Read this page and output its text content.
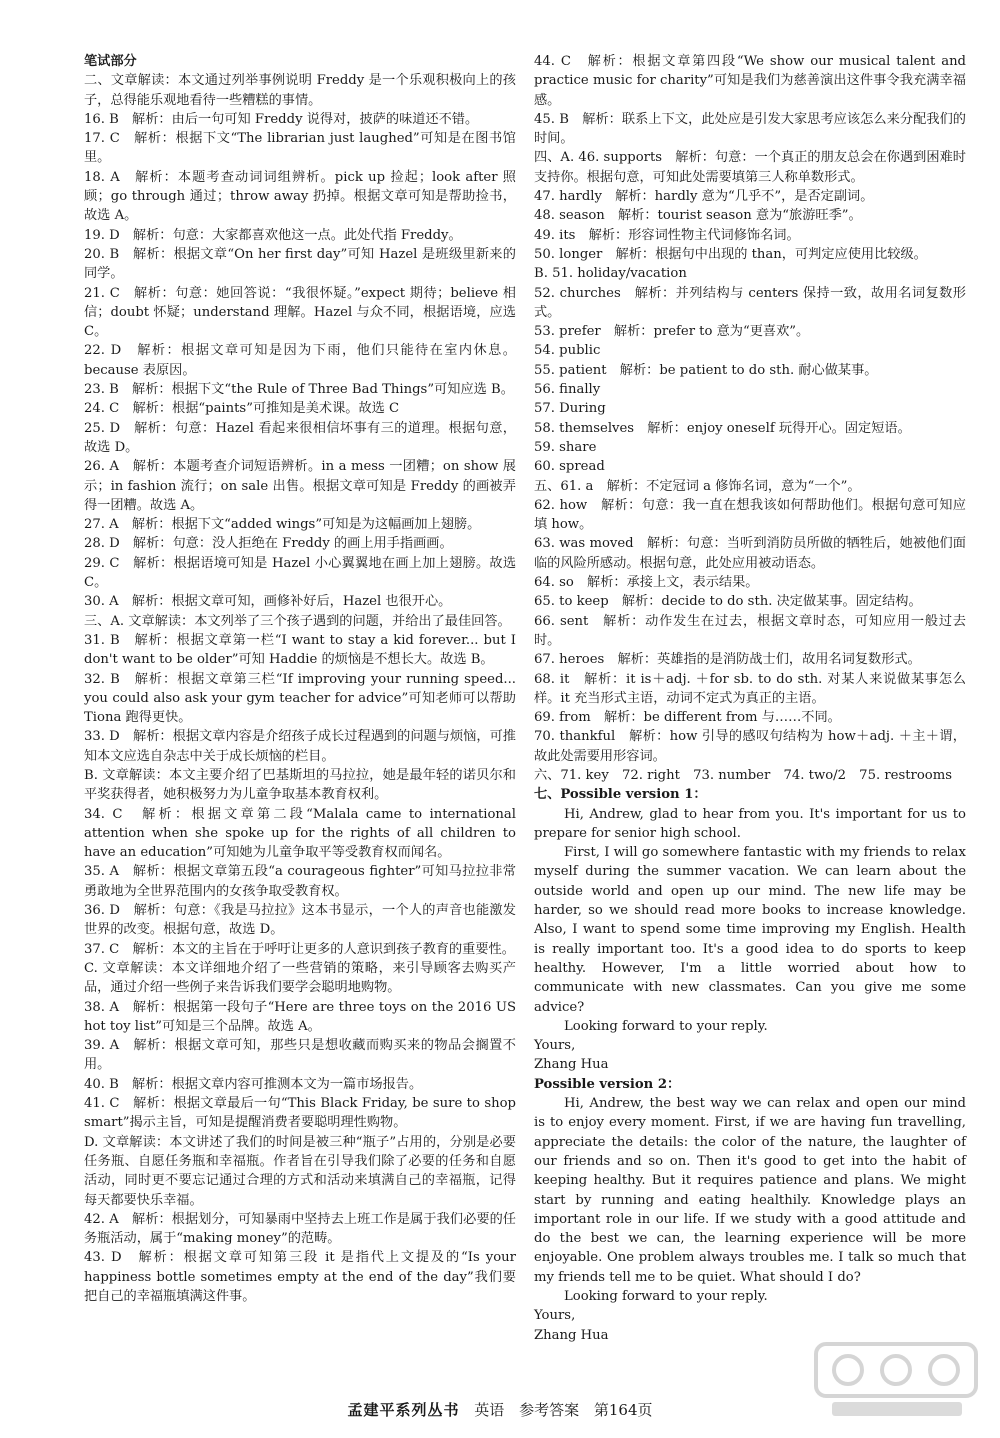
笔试部分

二、文章解读：本文通过列举事例说明 Freddy 是一个乐观积极向上的孩子，总得能乐观地看待一些糟糕的事情。

16. B　解析：由后一句可知 Freddy 说得对，披萨的味道还不错。

17. C　解析：根据下文“The librarian just laughed”可知是在图书馆里。

18. A　解析：本题考查动词词组辨析。pick up 捡起；look after 照顾；go through 通过；throw away 扔掉。根据文章可知是帮助捡书，故选 A。

19. D　解析：句意：大家都喜欢他这一点。此处代指 Freddy。

20. B　解析：根据文章“On her first day”可知 Hazel 是班级里新来的同学。

21. C　解析：句意：她回答说：“我很怀疑。”expect 期待；believe 相信；doubt 怀疑；understand 理解。Hazel 与众不同，根据语境，应选 C。

22. D　解析：根据文章可知是因为下雨，他们只能待在室内休息。because 表原因。

23. B　解析：根据下文“the Rule of Three Bad Things”可知应选 B。

24. C　解析：根据“paints”可推知是美术课。故选 C

25. D　解析：句意：Hazel 看起来很相信坏事有三的道理。根据句意，故选 D。

26. A　解析：本题考查介词短语辨析。in a mess 一团糟；on show 展示；in fashion 流行；on sale 出售。根据文章可知是 Freddy 的画被弄得一团糟。故选 A。

27. A　解析：根据下文“added wings”可知是为这幅画加上翅膀。

28. D　解析：句意：没人拒绝在 Freddy 的画上用手指画画。

29. C　解析：根据语境可知是 Hazel 小心翼翼地在画上加上翅膀。故选 C。

30. A　解析：根据文章可知，画修补好后，Hazel 也很开心。

三、A. 文章解读：本文列举了三个孩子遇到的问题，并给出了最佳回答。

31. B　解析：根据文章第一栏“I want to stay a kid forever... but I don't want to be older”可知 Haddie 的烦恼是不想长大。故选 B。

32. B　解析：根据文章第三栏“If improving your running speed... you could also ask your gym teacher for advice”可知老师可以帮助 Tiona 跑得更快。

33. D　解析：根据文章内容是介绍孩子成长过程遇到的问题与烦恼，可推知本文应选自杂志中关于成长烦恼的栏目。

B. 文章解读：本文主要介绍了巴基斯坦的马拉拉，她是最年轻的诺贝尔和平奖获得者，她积极努力为儿童争取基本教育权利。

34. C　解析：根据文章第二段“Malala came to international attention when she spoke up for the rights of all children to have an education”可知她为儿童争取平等受教育权而闻名。

35. A　解析：根据文章第五段“a courageous fighter”可知马拉拉非常勇敢地为全世界范围内的女孩争取受教育权。

36. D　解析：句意：《我是马拉拉》这本书显示，一个人的声音也能激发世界的改变。根据句意，故选 D。

37. C　解析：本文的主旨在于呼吁让更多的人意识到孩子教育的重要性。

C. 文章解读：本文详细地介绍了一些营销的策略，来引导顾客去购买产品，通过介绍一些例子来告诉我们要学会聪明地购物。

38. A　解析：根据第一段句子“Here are three toys on the 2016 US hot toy list”可知是三个品牌。故选 A。

39. A　解析：根据文章可知，那些只是想收藏而购买来的物品会搁置不用。

40. B　解析：根据文章内容可推测本文为一篇市场报告。

41. C　解析：根据文章最后一句“This Black Friday, be sure to shop smart”揭示主旨，可知是提醒消费者要聪明理性购物。

D. 文章解读：本文讲述了我们的时间是被三种“瓶子”占用的，分别是必要任务瓶、自愿任务瓶和幸福瓶。作者旨在引导我们除了必要的任务和自愿活动，同时更不要忘记通过合理的方式和活动来填满自己的幸福瓶，记得每天都要快乐幸福。

42. A　解析：根据划分，可知暴雨中坚持去上班工作是属于我们必要的任务瓶活动，属于“making money”的范畴。

43. D　解析：根据文章可知第三段 it 是指代上文提及的“Is your happiness bottle sometimes empty at the end of the day”我们要把自己的幸福瓶填满这件事。

44. C　解析：根据文章第四段“We show our musical talent and practice music for charity”可知是我们为慈善演出这件事令我充满幸福感。

45. B　解析：联系上下文，此处应是引发大家思考应该怎么来分配我们的时间。

四、A. 46. supports　解析：句意：一个真正的朋友总会在你遇到困难时支持你。根据句意，可知此处需要填第三人称单数形式。

47. hardly　解析：hardly 意为“几乎不”，是否定副词。

48. season　解析：tourist season 意为“旅游旺季”。

49. its　解析：形容词性物主代词修饰名词。

50. longer　解析：根据句中出现的 than，可判定应使用比较级。

B. 51. holiday/vacation

52. churches　解析：并列结构与 centers 保持一致，故用名词复数形式。

53. prefer　解析：prefer to 意为“更喜欢”。

54. public

55. patient　解析：be patient to do sth. 耐心做某事。

56. finally

57. During

58. themselves　解析：enjoy oneself 玩得开心。固定短语。

59. share

60. spread

五、61. a　解析：不定冠词 a 修饰名词，意为“一个”。

62. how　解析：句意：我一直在想我该如何帮助他们。根据句意可知应填 how。

63. was moved　解析：句意：当听到消防员所做的牺牲后，她被他们面临的风险所感动。根据句意，此处应用被动语态。

64. so　解析：承接上文，表示结果。

65. to keep　解析：decide to do sth. 决定做某事。固定结构。

66. sent　解析：动作发生在过去，根据文章时态，可知应用一般过去时。

67. heroes　解析：英雄指的是消防战士们，故用名词复数形式。

68. it　解析：it is＋adj. ＋for sb. to do sth. 对某人来说做某事怎么样。it 充当形式主语，动词不定式为真正的主语。

69. from　解析：be different from 与……不同。

70. thankful　解析：how 引导的感叹句结构为 how＋adj. ＋主＋谓，故此处需要用形容词。

六、71. key　72. right　73. number　74. two/2　75. restrooms

七、Possible version 1：

Hi, Andrew, glad to hear from you. It's important for us to prepare for senior high school.

First, I will go somewhere fantastic with my friends to relax myself during the summer vacation. We can learn about the outside world and open up our mind. The new life may be harder, so we should read more books to increase knowledge. Also, I want to spend some time improving my English. Health is really important too. It's a good idea to do sports to keep healthy. However, I'm a little worried about how to communicate with new classmates. Can you give me some advice?

Looking forward to your reply.

Yours,

Zhang Hua

Possible version 2：

Hi, Andrew, the best way we can relax and open our mind is to enjoy every moment. First, if we are having fun travelling, appreciate the details: the color of the nature, the laughter of our friends and so on. Then it's good to get into the habit of keeping healthy. But it requires patience and plans. We might start by running and eating healthily. Knowledge plays an important role in our life. If we study with a good attitude and do the best we can, the learning experience will be more enjoyable. One problem always troubles me. I talk so much that my friends tell me to be quiet. What should I do?

Looking forward to your reply.

Yours,

Zhang Hua

孟建平系列丛书 英语 参考答案 第164页
